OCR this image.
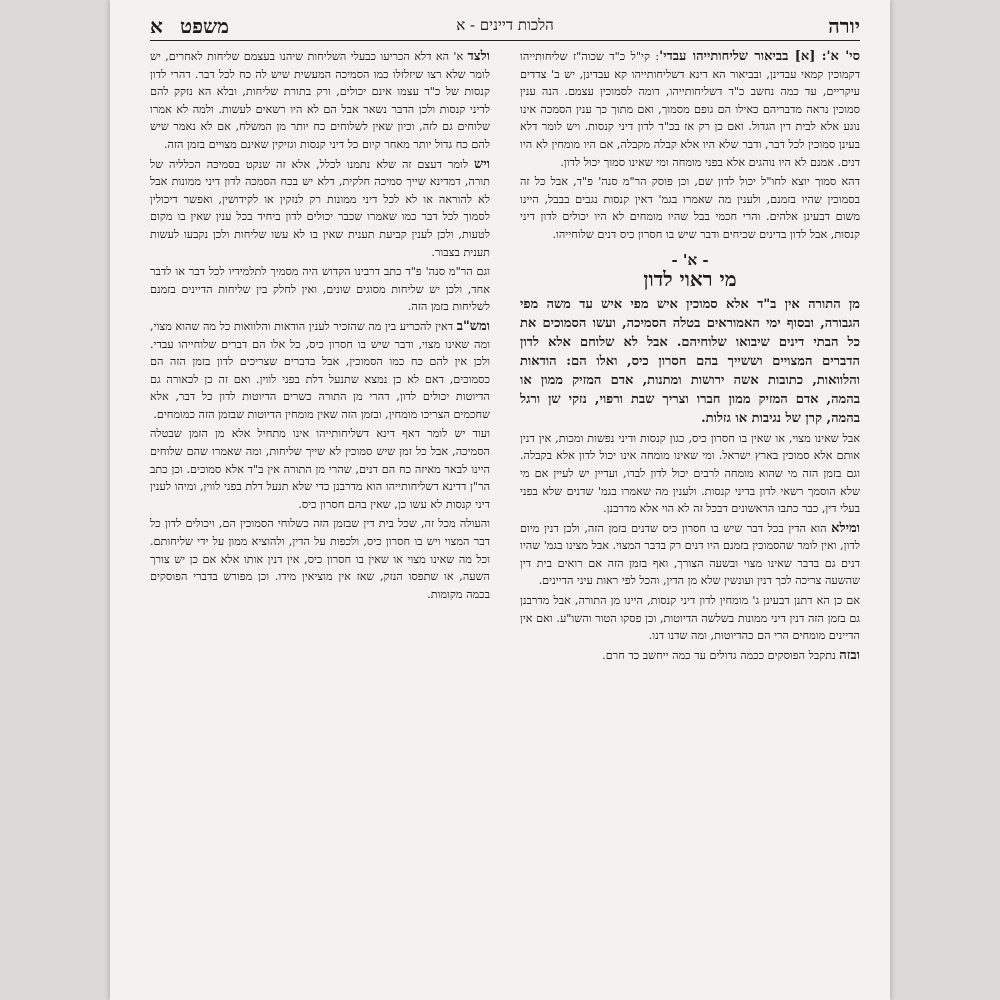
יורה
הלכות דיינים - א
משפט
א

סי' א': [א] בביאור שליחותייהו עבדי': קי"ל כ"ד שכוה"ז שליחותייהו דקמוכין קמאי עבדינן, ובביאור הא דינא דשליחותייהו קא עבדינן, יש ב' צדדים עיקריים, עד כמה נחשב כ"ד דשליחותייהו, דומה לסמוכין עצמם. הנה ענין סמוכין נראה מדבריהם כאילו הם גופם מסמוך, ואם מתוך כך ענין הסמכה אינו נוגע אלא לבית דין הגדול. ואם כן רק אז בכ"ד לדון דיני קנסות. ויש לומר דלא בעינן סמוכין לכל דבר, ודבר שלא היו אלא קבלה מקבלה, אם היו מומחין לא היו דנים. אמנם לא היו נוהגים אלא בפני מומחה ומי שאינו סמוך יכול לדון.

דהא סמוך יוצא לחו"ל יכול לדון שם, וכן פוסק הר"מ סנה' פ"ד, אבל כל זה בסמוכין שהיו בזמנם, ולענין מה שאמרו בגמ' דאין קנסות נגבים בבבל, היינו משום דבעינן אלהים. והרי חכמי בבל שהיו מומחים לא היו יכולים לדון דיני קנסות, אבל לדון בדינים שכיחים ודבר שיש בו חסרון כיס דנים שלוחייהו.

- א' -
מי ראוי לדון

מן התורה אין ב"ד אלא סמוכין איש מפי איש עד משה מפי הגבורה, ובסוף ימי האמוראים בטלה הסמיכה, ועשו הסמוכים את כל הבתי דינים שיבואו שלוחיהם. אבל לא שלוחם אלא לדון הדברים המצויים וששייך בהם חסרון כיס, ואלו הם: הודאות והלוואות, כתובות אשה ירושות ומתנות, אדם המזיק ממון או בהמה, אדם המזיק ממון חברו וצריך שבת ורפוי, נזקי שן ורגל בהמה, קרן של נגיבות או גזלות.

אבל שאינו מצוי, או שאין בו חסרון כיס, כגון קנסות ודיני נפשות ומכות, אין דנין אותם אלא סמוכין בארץ ישראל. ומי שאינו מומחה אינו יכול לדון אלא בקבלה. וגם בזמן הזה מי שהוא מומחה לרבים יכול לדון לבדו, ועדיין יש לעיין אם מי שלא הוסמך רשאי לדון בדיני קנסות. ולענין מה שאמרו בגמ' שדנים שלא בפני בעלי דין, כבר כתבו הראשונים דבכל זה לא הוי אלא מדרבנן.

ומילא הוא הדין בכל דבר שיש בו חסרון כיס שדנים בזמן הזה, ולכן דנין מיום לדון, ואין לומר שהסמוכין בזמנם היו דנים רק בדבר המצוי. אבל מצינו בגמ' שהיו דנים גם בדבר שאינו מצוי ובשעה הצורך, ואף בזמן הזה אם רואים בית דין שהשעה צריכה לכך דנין ועונשין שלא מן הדין, והכל לפי ראות עיני הדיינים.

אם כן הא דתנן דבעינן ג' מומחין לדון דיני קנסות, היינו מן התורה, אבל מדרבנן גם בזמן הזה דנין דיני ממונות בשלשה הדיוטות, וכן פסקו הטור והשו"ע. ואם אין הדיינים מומחים הרי הם כהדיוטות, ומה שדנו דנו.

ובזה נתקבל הפוסקים ככמה גדולים עד כמה ייחשב כד חרם.

ולצד א' הא דלא הכריעו כבעלי השליחות שיהנו בעצמם שליחות לאחרים, יש לומר שלא רצו שיזלזלו כמו הסמיכה המעשית שיש לה כח לכל דבר. דהרי לדון קנסות של כ"ד עצמו אינם יכולים, ורק בתורת שליחות, ובלא הא נזקק להם לדיני קנסות ולכן הדבר נשאר אבל הם לא היו רשאים לעשות. ולמה לא אמרו שלוחים גם לזה, וכיון שאין לשלוחים כח יותר מן המשלח, אם לא נאמר שיש להם כח גדול יותר מאחר קיום כל דיני קנסות וגזיקין שאינם מצויים בזמן הזה.

ויש לומר דעצם זה שלא נתמנו לכלל, אלא זה שנקט בסמיכה הכלליה של תורה, דמדינא שייך סמיכה חלקית, דלא יש בכח הסמכה לדון דיני ממונות אבל לא להוראה או לא לכל דיני ממונות רק לנזקין או לקידושין, ואפשר דיכולין לסמוך לכל דבר כמו שאמרו שכבר יכולים לדון ביחיד בכל ענין שאין בו מקום לטעות, ולכן לענין קביעת תענית שאין בו לא עשו שליחות ולכן נקבעו לעשות תענית בצבור.

וגם הר"מ סנה' פ"ד כתב דרבינו הקדוש היה מסמיך לתלמידיו לכל דבר או לדבר אחד, ולכן יש שליחות מסוגים שונים, ואין לחלק בין שליחות הדיינים בזמנם לשליחות בזמן הזה.

ומש"ב דאין להכריע בין מה שהזכיר לענין הודאות והלוואות כל מה שהוא מצוי, ומה שאינו מצוי, ודבר שיש בו חסרון כיס, כל אלו הם דברים שלוחייהו עבדי. ולכן אין להם כח כמו הסמוכין, אבל בדברים שצריכים לדון בזמן הזה הם כסמוכים, דאם לא כן נמצא שתנעל דלת בפני לווין. ואם זה כן לכאורה גם הדיוטות יכולים לדון, דהרי מן התורה כשרים הדיוטות לדון כל דבר, אלא שחכמים הצריכו מומחין, ובזמן הזה שאין מומחין הדיוטות שבזמן הזה כמומחים.

ועוד יש לומר דאף דינא דשליחותייהו אינו מתחיל אלא מן הזמן שבטלה הסמיכה, אבל כל זמן שיש סמוכין לא שייך שליחות, ומה שאמרו שהם שלוחים היינו לבאר מאיזה כח הם דנים, שהרי מן התורה אין ב"ד אלא סמוכים. וכן כתב הר"ן דדינא דשליחותייהו הוא מדרבנן כדי שלא תנעל דלת בפני לווין, ומיהו לענין דיני קנסות לא עשו כן, שאין בהם חסרון כיס.

והעולה מכל זה, שכל בית דין שבזמן הזה כשלוחי הסמוכין הם, ויכולים לדון כל דבר המצוי ויש בו חסרון כיס, ולכפות על הדין, ולהוציא ממון על ידי שליחותם. וכל מה שאינו מצוי או שאין בו חסרון כיס, אין דנין אותו אלא אם כן יש צורך השעה, או שתפסו הנזק, שאז אין מוציאין מידו. וכן מפורש בדברי הפוסקים בכמה מקומות.
